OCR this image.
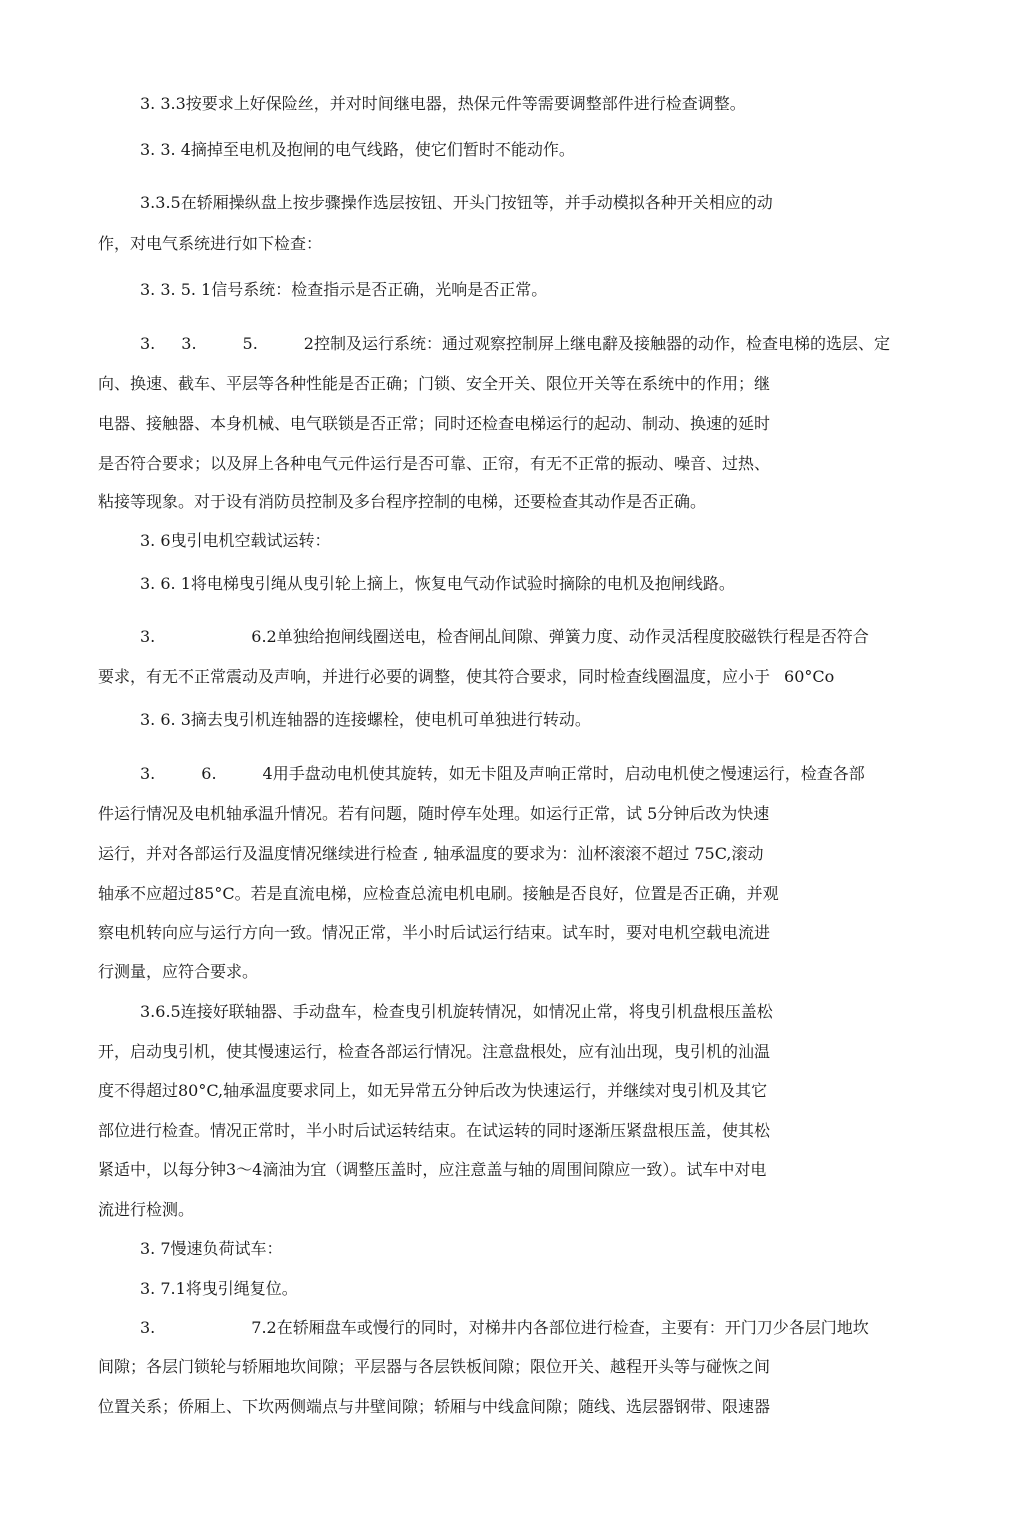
3. 3.3按要求上好保险丝，并对时间继电器，热保元件等需要调整部件进行检查调整。
3. 3. 4摘掉至电机及抱闸的电气线路，使它们暂时不能动作。
3.3.5在轿厢操纵盘上按步骤操作选层按钮、开头门按钮等，并手动模拟各种开关相应的动
作，对电气系统进行如下检查：
3. 3. 5. 1信号系统：检查指示是否正确，光响是否正常。
3. 3.	5.	2控制及运行系统：通过观察控制屏上继电辭及接触器的动作，检查电梯的选层、定
向、换速、截车、平层等各种性能是否正确；门锁、安全开关、限位开关等在系统中的作用；继
电器、接触器、本身机械、电气联锁是否正常；同时还检查电梯运行的起动、制动、换速的延时
是否符合要求；以及屏上各种电气元件运行是否可靠、正帘，有无不正常的振动、噪音、过热、
粘接等现象。对于设有消防员控制及多台程序控制的电梯，还要检查其动作是否正确。
3. 6曳引电机空载试运转：
3. 6. 1将电梯曳引绳从曳引轮上摘上，恢复电气动作试验时摘除的电机及抱闸线路。
3.	6.2单独给抱闸线圈送电，检杳闸乩间隙、弹簧力度、动作灵活程度胶磁铁行程是否符合
要求，有无不正常震动及声响，并进行必要的调整，使其符合要求，同时检查线圈温度，应小于 60°Co
3. 6. 3摘去曳引机连轴器的连接螺栓，使电机可单独进行转动。
3.	6.	4用手盘动电机使其旋转，如无卡阻及声响正常时，启动电机使之慢速运行，检查各部
件运行情况及电机轴承温升情况。若有问题，随时停车处理。如运行正常，试 5分钟后改为快速
运行，并对各部运行及温度情况继续进行检查 , 轴承温度的要求为：汕杯滚滚不超过 75C,滚动
轴承不应超过85°C。若是直流电梯，应检查总流电机电刷。接触是否良好，位置是否正确，并观
察电机转向应与运行方向一致。情况正常，半小时后试运行结束。试车时，要对电机空载电流进
行测量，应符合要求。
3.6.5连接好联轴器、手动盘车，检查曳引机旋转情况，如情况止常，将曳引机盘根压盖松
开，启动曳引机，使其慢速运行，检查各部运行情况。注意盘根处，应有汕出现，曳引机的汕温
度不得超过80°C,轴承温度要求同上，如无异常五分钟后改为快速运行，并继续对曳引机及其它
部位进行检查。情况正常时，半小时后试运转结束。在试运转的同时逐渐压紧盘根压盖，使其松
紧适中，以每分钟3〜4滴油为宜（调整压盖时，应注意盖与轴的周围间隙应一致）。试车中对电
流进行检测。
3. 7慢速负荷试车：
3. 7.1将曳引绳复位。
3.	7.2在轿厢盘车或慢行的同时，对梯井内各部位进行检查，主要有：开门刀少各层门地坎
间隙；各层门锁轮与轿厢地坎间隙；平层器与各层铁板间隙；限位开关、越程开头等与碰恢之间
位置关系；侨厢上、下坎两侧端点与井壁间隙；轿厢与中线盒间隙；随线、选层器钢带、限速器
